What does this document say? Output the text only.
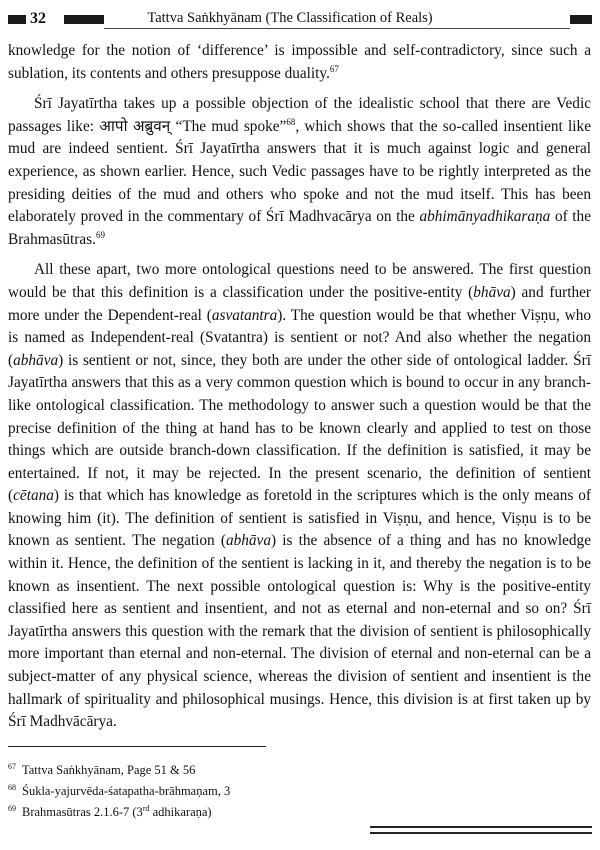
32	Tattva Saṅkhyānam (The Classification of Reals)

knowledge for the notion of ‘difference’ is impossible and self-contradictory, since such a sublation, its contents and others presuppose duality.$^{67}$

Śrī Jayatīrtha takes up a possible objection of the idealistic school that there are Vedic passages like: आपो अब्रुवन् “The mud spoke”$^{68}$, which shows that the so-called insentient like mud are indeed sentient. Śrī Jayatīrtha answers that it is much against logic and general experience, as shown earlier. Hence, such Vedic passages have to be rightly interpreted as the presiding deities of the mud and others who spoke and not the mud itself. This has been elaborately proved in the commentary of Śrī Madhvacārya on the abhimānyadhikaraṇa of the Brahmasūtras.$^{69}$

All these apart, two more ontological questions need to be answered. The first question would be that this definition is a classification under the positive-entity (bhāva) and further more under the Dependent-real (asvatantra). The question would be that whether Viṣṇu, who is named as Independent-real (Svatantra) is sentient or not? And also whether the negation (abhāva) is sentient or not, since, they both are under the other side of ontological ladder. Śrī Jayatīrtha answers that this as a very common question which is bound to occur in any branch-like ontological classification. The methodology to answer such a question would be that the precise definition of the thing at hand has to be known clearly and applied to test on those things which are outside branch-down classification. If the definition is satisfied, it may be entertained. If not, it may be rejected. In the present scenario, the definition of sentient (cētana) is that which has knowledge as foretold in the scriptures which is the only means of knowing him (it). The definition of sentient is satisfied in Viṣṇu, and hence, Viṣṇu is to be known as sentient. The negation (abhāva) is the absence of a thing and has no knowledge within it. Hence, the definition of the sentient is lacking in it, and thereby the negation is to be known as insentient. The next possible ontological question is: Why is the positive-entity classified here as sentient and insentient, and not as eternal and non-eternal and so on? Śrī Jayatīrtha answers this question with the remark that the division of sentient is philosophically more important than eternal and non-eternal. The division of eternal and non-eternal can be a subject-matter of any physical science, whereas the division of sentient and insentient is the hallmark of spirituality and philosophical musings. Hence, this division is at first taken up by Śrī Madhvācārya.

$^{67}$ Tattva Saṅkhyānam, Page 51 & 56
$^{68}$ Śukla-yajurvēda-śatapatha-brāhmaṇam, 3
$^{69}$ Brahmasūtras 2.1.6-7 (3rd adhikaraṇa)
